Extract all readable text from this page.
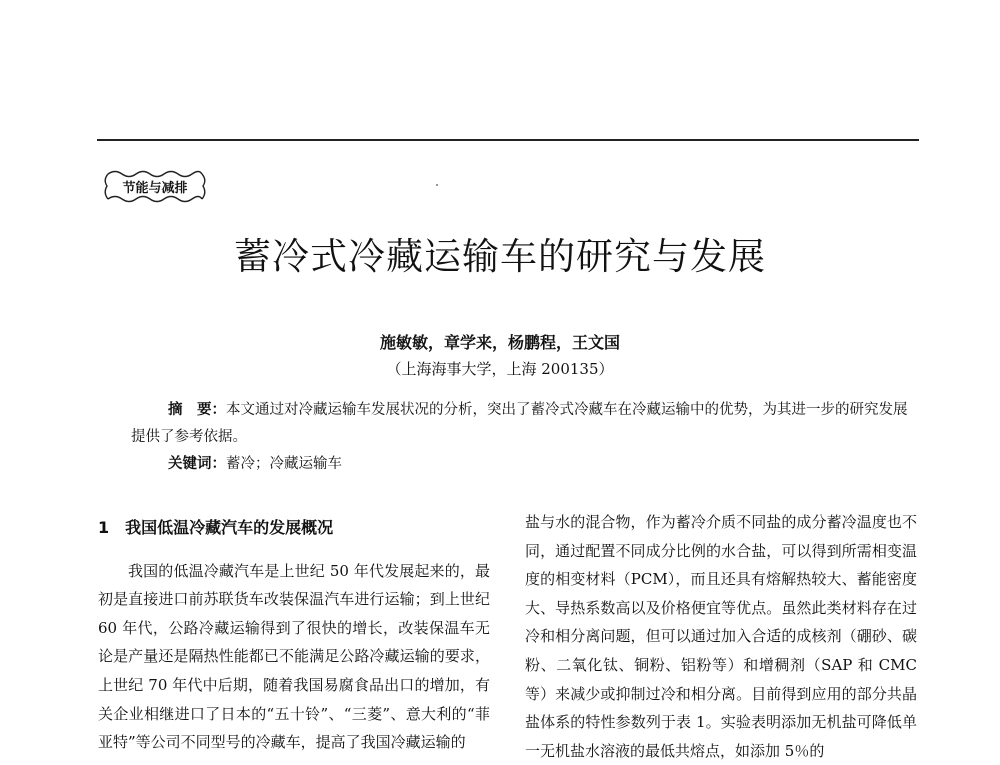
节能与减排
蓄冷式冷藏运输车的研究与发展
施敏敏，章学来，杨鹏程，王文国
（上海海事大学，上海 200135）

摘　要：本文通过对冷藏运输车发展状况的分析，突出了蓄冷式冷藏车在冷藏运输中的优势，为其进一步的研究发展提供了参考依据。

关键词：蓄冷；冷藏运输车

1　我国低温冷藏汽车的发展概况

我国的低温冷藏汽车是上世纪 50 年代发展起来的，最初是直接进口前苏联货车改装保温汽车进行运输；到上世纪 60 年代，公路冷藏运输得到了很快的增长，改装保温车无论是产量还是隔热性能都已不能满足公路冷藏运输的要求，上世纪 70 年代中后期，随着我国易腐食品出口的增加，有关企业相继进口了日本的“五十铃”、“三菱”、意大利的“菲亚特”等公司不同型号的冷藏车，提高了我国冷藏运输的

盐与水的混合物，作为蓄冷介质不同盐的成分蓄冷温度也不同，通过配置不同成分比例的水合盐，可以得到所需相变温度的相变材料（PCM），而且还具有熔解热较大、蓄能密度大、导热系数高以及价格便宜等优点。虽然此类材料存在过冷和相分离问题，但可以通过加入合适的成核剂（硼砂、碳粉、二氧化钛、铜粉、铝粉等）和增稠剂（SAP 和 CMC 等）来减少或抑制过冷和相分离。目前得到应用的部分共晶盐体系的特性参数列于表 1。实验表明添加无机盐可降低单一无机盐水溶液的最低共熔点，如添加 5％的
